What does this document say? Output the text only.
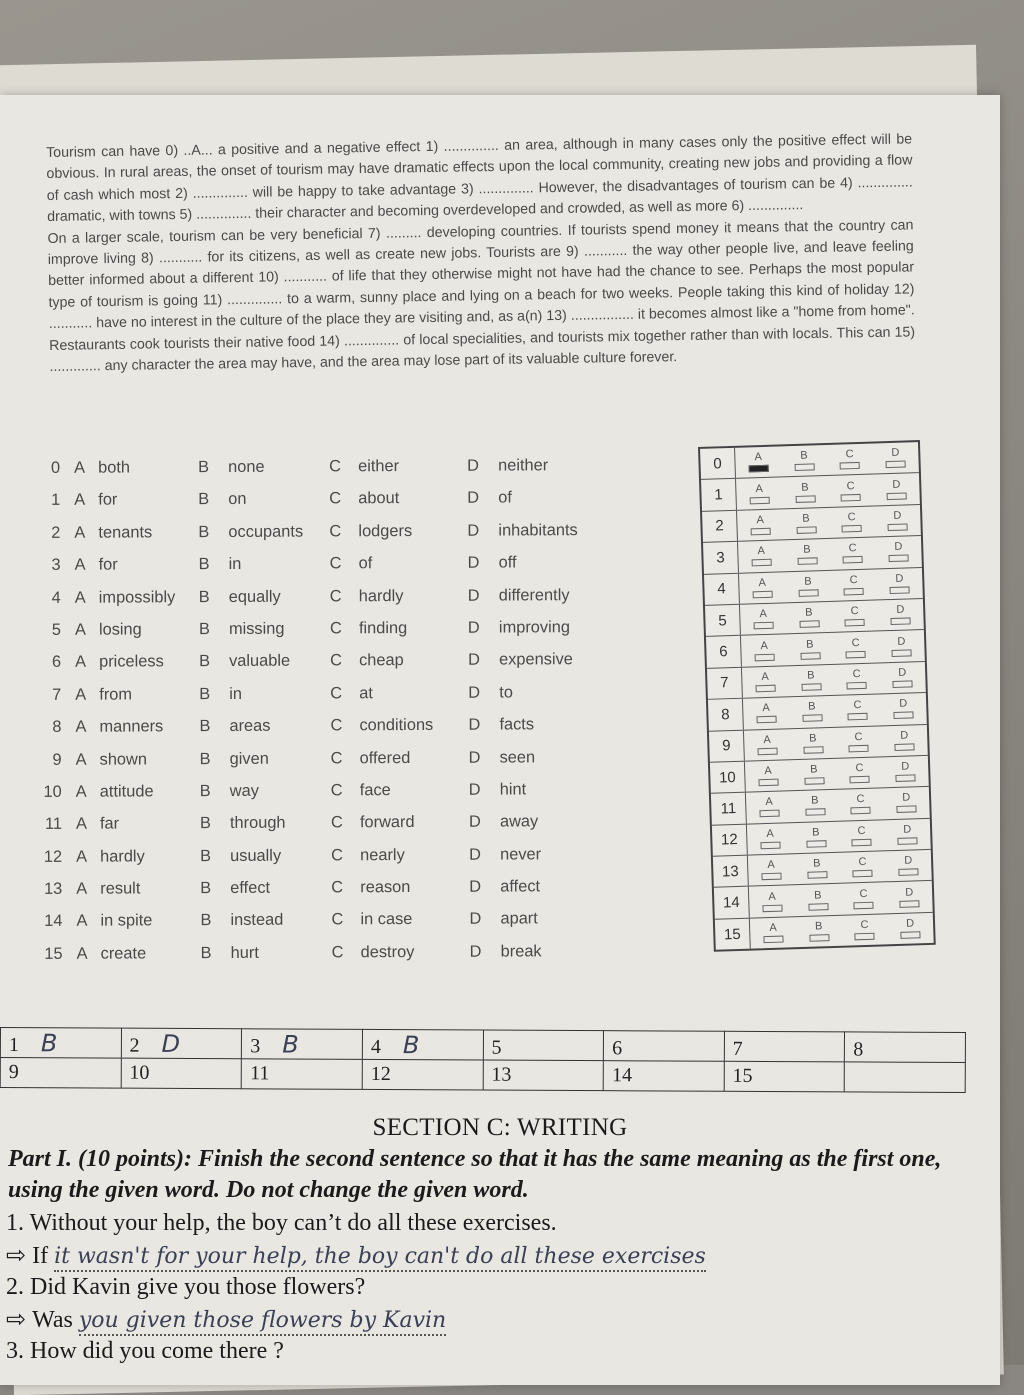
Tourism can have 0) ..A... a positive and a negative effect 1) .............. an area, although in many cases only the positive effect will be obvious. In rural areas, the onset of tourism may have dramatic effects upon the local community, creating new jobs and providing a flow of cash which most 2) .............. will be happy to take advantage 3) .............. However, the disadvantages of tourism can be 4) .............. dramatic, with towns 5) .............. their character and becoming overdeveloped and crowded, as well as more 6) ..............

On a larger scale, tourism can be very beneficial 7) ......... developing countries. If tourists spend money it means that the country can improve living 8) ........... for its citizens, as well as create new jobs. Tourists are 9) ........... the way other people live, and leave feeling better informed about a different 10) ........... of life that they otherwise might not have had the chance to see. Perhaps the most popular type of tourism is going 11) .............. to a warm, sunny place and lying on a beach for two weeks. People taking this kind of holiday 12) ........... have no interest in the culture of the place they are visiting and, as a(n) 13) ................ it becomes almost like a "home from home". Restaurants cook tourists their native food 14) .............. of local specialities, and tourists mix together rather than with locals. This can 15) ............. any character the area may have, and the area may lose part of its valuable culture forever.

0 A both	B none	C either	D neither
1 A for	B on	C about	D of
2 A tenants	B occupants C lodgers	D inhabitants
3 A for	B in	C of	D off
4 A impossibly B equally	C hardly	D differently
5 A losing	B missing	C finding	D improving
6 A priceless B valuable C cheap	D expensive
7 A from	B in	C at	D to
8 A manners B areas	C conditions D facts
9 A shown	B given	C offered	D seen
10 A attitude	B way	C face	D hint
11 A far	B through	C forward	D away
12 A hardly	B usually	C nearly	D never
13 A result	B effect	C reason	D affect
14 A in spite	B instead	C in case	D apart
15 A create	B hurt	C destroy	D break
0	A	B	C	D
1	A	B	C	D
2	A	B	C	D
3	A	B	C	D
4	A	B	C	D
5	A	B	C	D
6	A	B	C	D
7	A	B	C	D
8	A	B	C	D
9	A	B	C	D
10	A	B	C	D
11	A	B	C	D
12	A	B	C	D
13	A	B	C	D
14	A	B	C	D
15	A	B	C	D
1 B	2 D	3 B	4 B	5	6	7	8
9	10	11	12	13	14	15	
SECTION C: WRITING
Part I. (10 points): Finish the second sentence so that it has the same meaning as the first one, using the given word. Do not change the given word.
1. Without your help, the boy can’t do all these exercises.
⇨ If it wasn't for your help, the boy can't do all these exercises
2. Did Kavin give you those flowers?
⇨ Was you given those flowers by Kavin
3. How did you come there ?
